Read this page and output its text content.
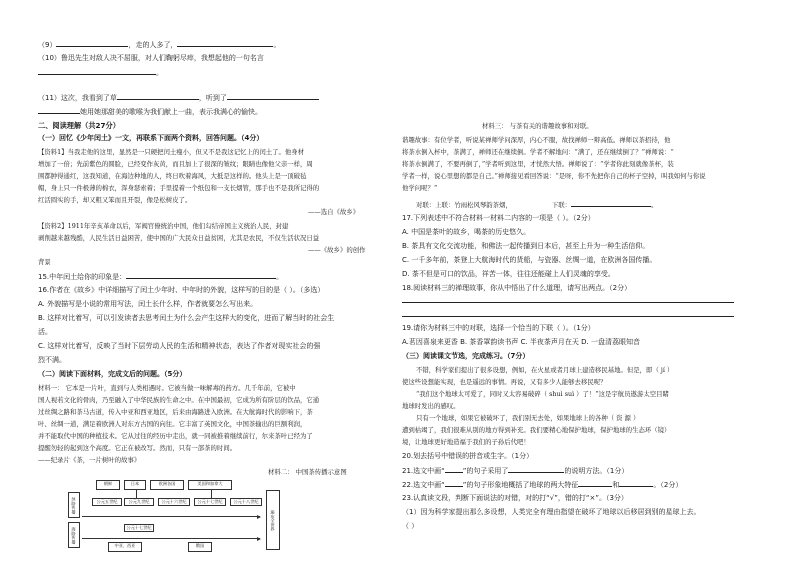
（9）	，走的人多了，	。
（10）鲁迅先生对敌人决不屈服，对人们鞠躬尽瘁，我想起他的一句名言
。
（11）这次，我看到了草	，听到了
她用她那甜美的歌喉为我们献上一曲，表示我满心的愉快。
二、阅读理解（共27分）
（一）回忆《少年闰土》一文，再联系下面两个资料，回答问题。（4分）
【资料1】当我走他的这里，显然是一只硬把闰土瘦小，但又不是我这记忆上的闰土了。他身材
增加了一倍；先前紫色的圆脸，已经变作灰黄，而且加上了很深的皱纹；眼睛也像他父亲一样，周
围都肿得通红，这我知道，在海边种地的人，终日吹着海风，大抵是这样的。他头上是一顶破毡
帽，身上只一件极薄的棉衣，浑身瑟索着；手里提着一个纸包和一支长烟管，那手也不是我所记得的
红活圆实的手，却又粗又笨而且开裂，像是松树皮了。
——选自《故乡》
【资料2】1911年辛亥革命以后，军阀官僚统治中国，他们勾结帝国主义统治人民，封建
剥削越来越残酷，人民生活日益困苦，使中国的广大民众日益贫困，尤其是农民，不仅生活状况日益
——《故乡》的创作
背景
15.中年闰土给你的印象是：	。
16.作者在《故乡》中详细描写了闰土少年时、中年时的外貌，这样写的目的是（ ）。（多选）
A. 外貌描写是小说的常用写法，闰土长什么样，作者就要怎么写出来。
B. 这样对比着写，可以引发读者去思考闰土为什么会产生这样大的变化，进而了解当时的社会生
活。
C. 这样对比着写，反映了当时下层劳动人民的生活和精神状态，表达了作者对现实社会的强
烈不满。
（二）阅读下面材料，完成文后的问题。（5分）
材料一： 它本是一片叶，直到与人类相遇时。它被当做一味解毒的药方。几千年前，它被中
国人视若文化的骨肉，乃至融入了中华民族的生命之中。在中国最初，它成为所有阶层的饮品，它通
过丝绸之路和茶马古道，传入中亚和西亚地区，后来由海路进入欧洲。在大航海时代的影响下，茶
叶、丝绸一道，满足着欧洲人对东方古国的向往。它丰富了英国文化，中国茶输出的巨额利润，
并不能取代中国的种植技术。它从过往的经历中走出，就一同被推着继续前行，尔来茶叶已经为了
提醒勿轻的起到这个高度。它正在被改写。然而，只有一部茶的时间。
——纪录片《茶，一片树叶的故事》
材料二： 中国茶传播示意图
朝鲜	日本	欧洲各国	美国和加拿大
丝路传播
海路传播
公元五世纪	公元九世纪	公元十六世纪	公元十七世纪	公元十八世纪
公元十七世纪
中亚、西亚	俄国
遍布全世界
材料三： 与茶有关的谐趣故事和对联。
谐趣故事：有位学者，听说某禅师学问深厚，内心不服，故找禅师一辩高低。禅师以茶招待，他
将茶水倒入杯中，茶满了，禅师还在继续倒。学者不解地问：“满了，还在继续倒了？”禅师说：“
将茶水倒满了，不要再倒了，”学者听到这里，才恍然大悟。禅师说了：“学者你此刻就像茶杯，装
学者一样，说心里想的都是自己。”禅师接见看回答说：“是呀，你不先把你自己的杯子空掉，叫我如何与你说
他学问呢？”
对联：上联：竹雨松风琴韵茶烟，	下联：	。
17.下列表述中不符合材料一材料二内容的一项是（ ）。（2分）
A. 中国是茶叶的故乡，喝茶的历史悠久。
B. 茶具有文化交流功能，和佛法一起传播到日本后，甚至上升为一种生活信仰。
C. 一千多年前，茶登上大航海时代的货船，与瓷器、丝绸一道，在欧洲各国传播。
D. 茶不但是可口的饮品，祥苦一体，往往还能碰上人们灵魂的享受。
18.阅读材料三的禅理故事，你从中悟出了什么道理，请写出两点。（2分）
19.请你为材料三中的对联，选择一个恰当的下联（ ）。（1分）
A.茗因喜泉来更香 B. 茶香罩韵读书声 C. 半夜茶声月在天 D. 一盘清荔眼知音
（三）阅读课文节选，完成练习。（7分）
不错，科学家们提出了很多设想，例如，在火星或者月球上建造移民基地。但是，即（ jí ）
使这些设想能实现，也是遥远的事情。再说，又有多少人能够去移民呢？
“我们这个地球太可爱了，同时又太容易破碎（ shuì suì ）了！”这是宇航员遨游太空目睹
地球时发出的感叹。
只有一个地球，如果它被破坏了，我们别无去处，如果地球上的各种（ 资 源 ）
遭到枯竭了，我们很难从别的地方得到补充。我们要精心地保护地球，保护地球的生态环（镜）
境，让地球更好地造福于我们的子孙后代吧！
20.划去括号中错误的拼音或生字。（1分）
21.选文中画“	”的句子采用了	的说明方法。（1分）
22.选文中画“	”的句子形象地概括了地球的两大特征	和	。（2分）
23.认真读文段，判断下面说法的对错，对的打“√”，错的打“×”。（3分）
（1）因为科学家提出那么多设想，人类完全有理由指望在破坏了地球以后移居到别的星球上去。
（ ）
